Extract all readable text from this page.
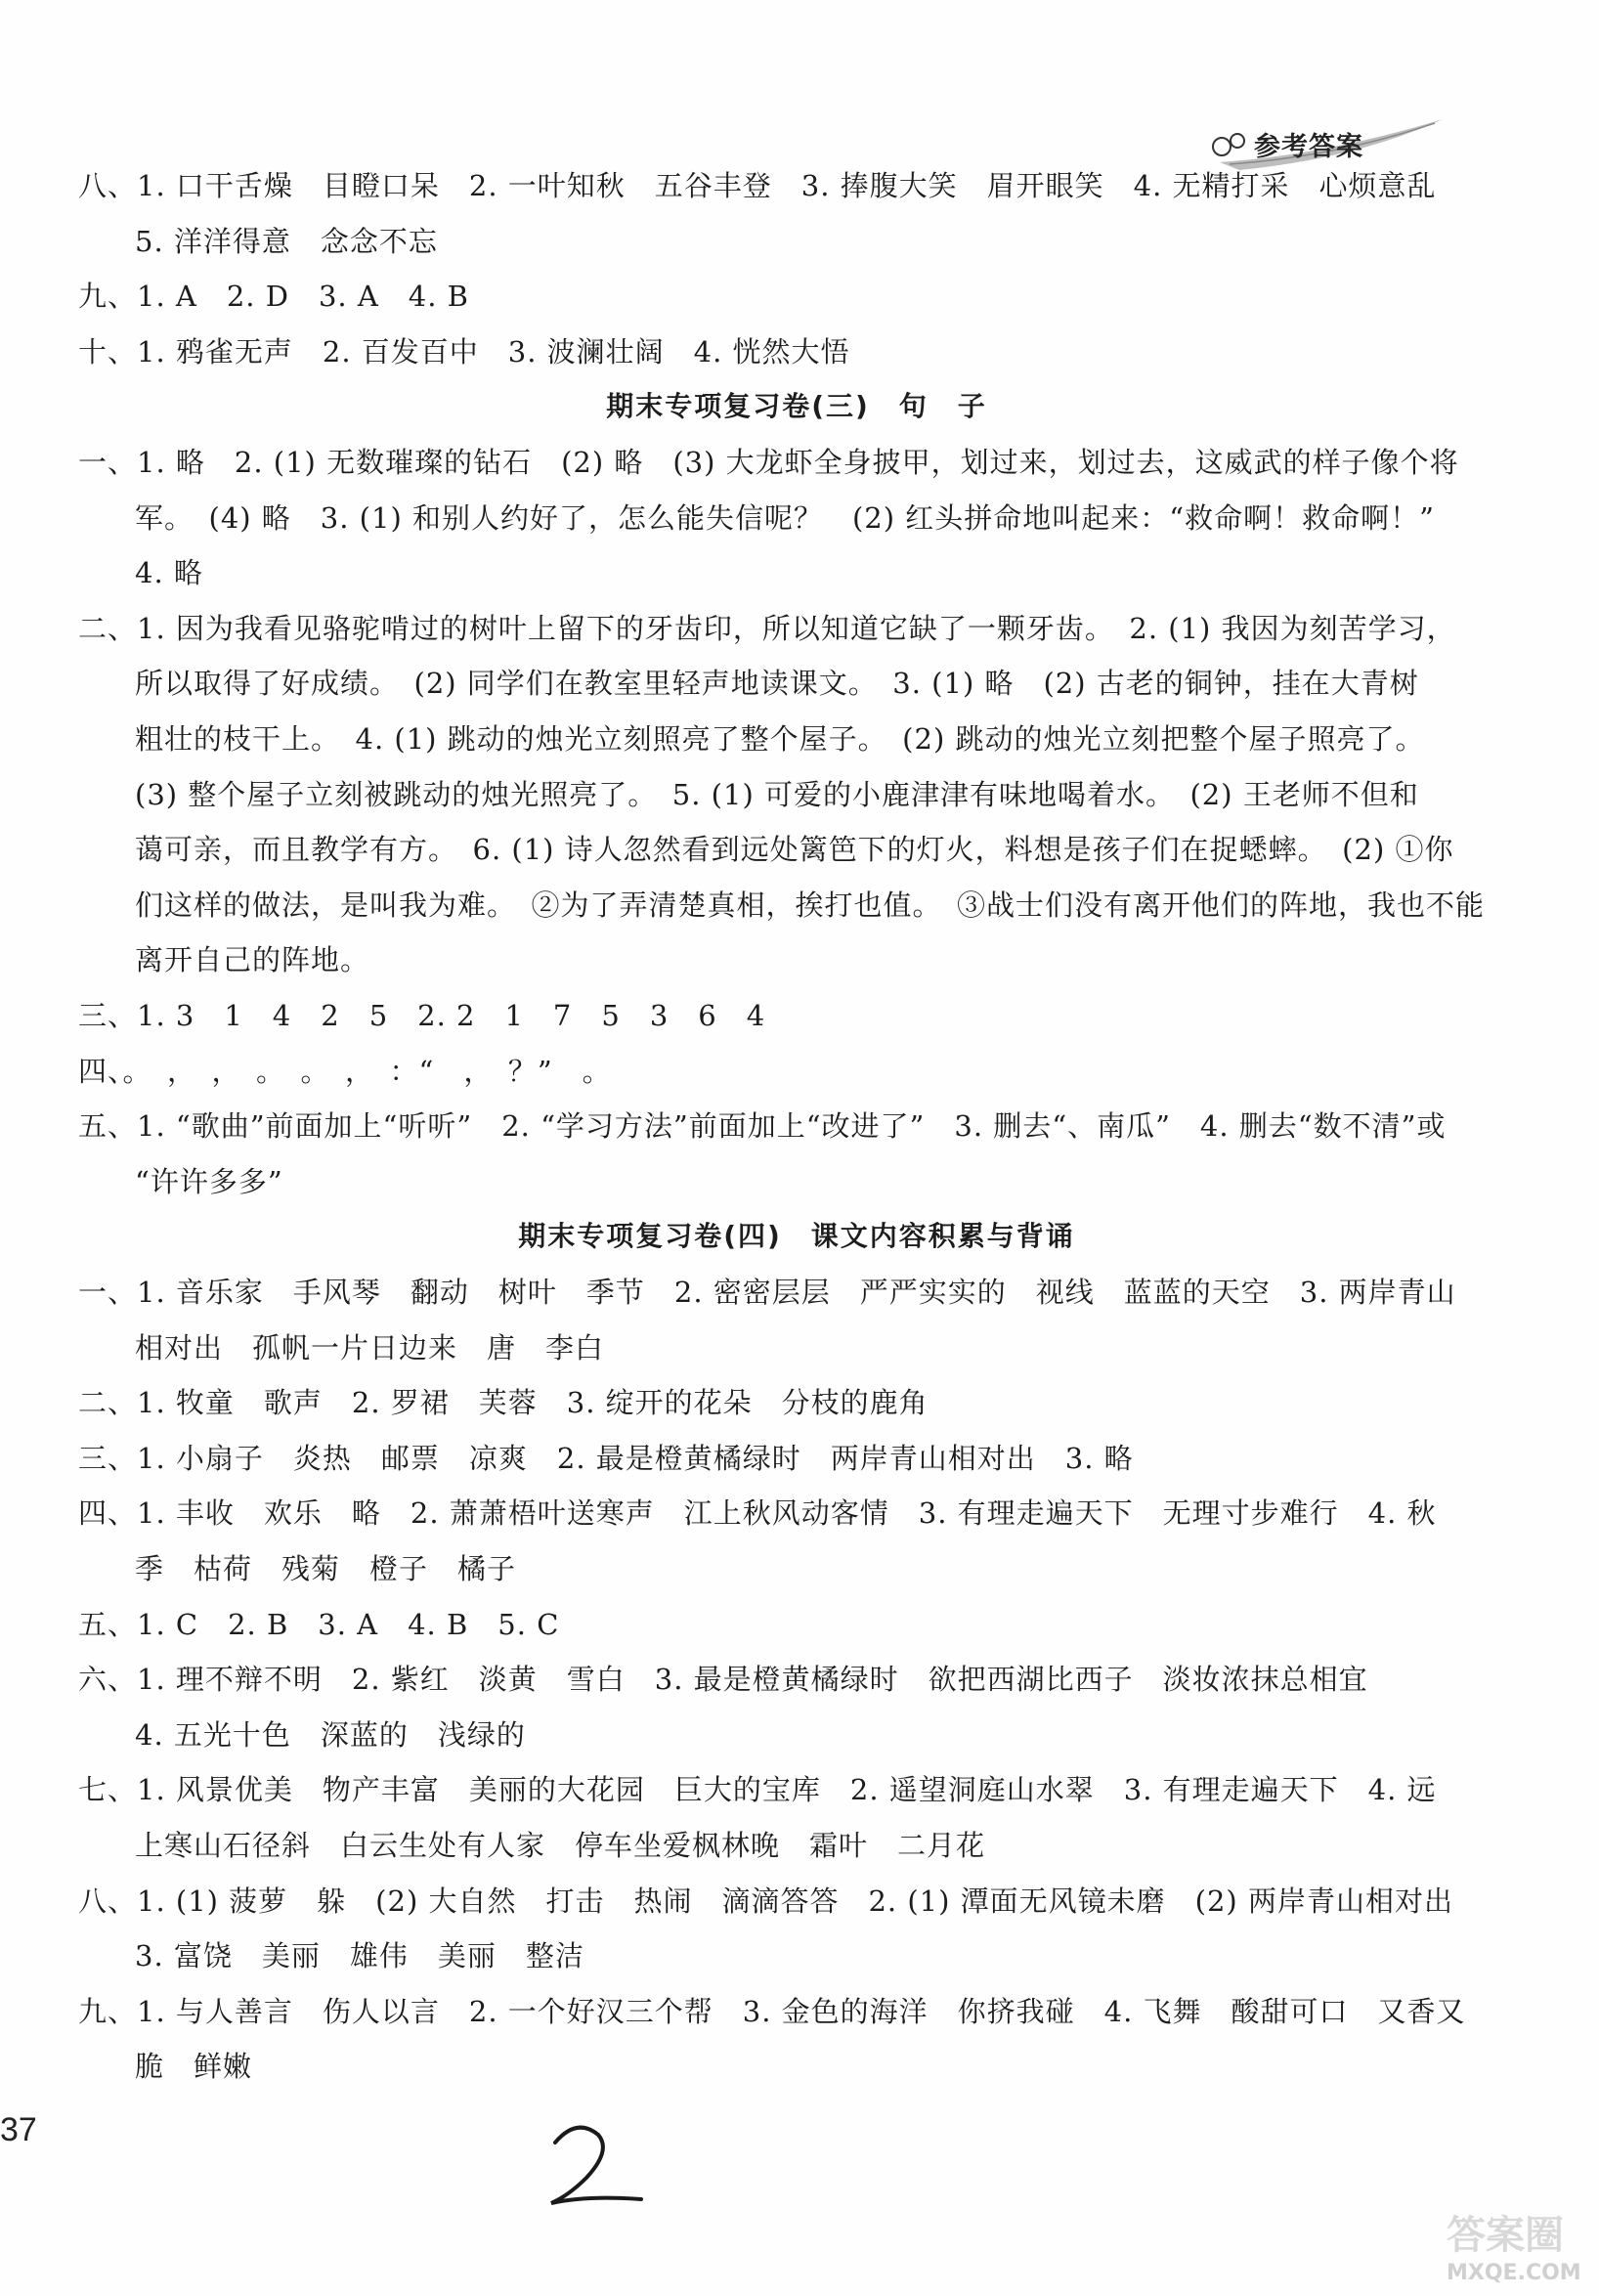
参考答案
八、1. 口干舌燥　目瞪口呆　2. 一叶知秋　五谷丰登　3. 捧腹大笑　眉开眼笑　4. 无精打采　心烦意乱
5. 洋洋得意　念念不忘
九、1. A　2. D　3. A　4. B
十、1. 鸦雀无声　2. 百发百中　3. 波澜壮阔　4. 恍然大悟
期末专项复习卷(三)　句　子
一、1. 略　2. (1) 无数璀璨的钻石　(2) 略　(3) 大龙虾全身披甲，划过来，划过去，这威武的样子像个将
军。　(4) 略　3. (1) 和别人约好了，怎么能失信呢？　(2) 红头拼命地叫起来：“救命啊！救命啊！”
4. 略
二、1. 因为我看见骆驼啃过的树叶上留下的牙齿印，所以知道它缺了一颗牙齿。　2. (1) 我因为刻苦学习，
所以取得了好成绩。　(2) 同学们在教室里轻声地读课文。　3. (1) 略　(2) 古老的铜钟，挂在大青树
粗壮的枝干上。　4. (1) 跳动的烛光立刻照亮了整个屋子。　(2) 跳动的烛光立刻把整个屋子照亮了。
(3) 整个屋子立刻被跳动的烛光照亮了。　5. (1) 可爱的小鹿津津有味地喝着水。　(2) 王老师不但和
蔼可亲，而且教学有方。　6. (1) 诗人忽然看到远处篱笆下的灯火，料想是孩子们在捉蟋蟀。　(2) ①你
们这样的做法，是叫我为难。　②为了弄清楚真相，挨打也值。　③战士们没有离开他们的阵地，我也不能
离开自己的阵地。
三、1. 3　1　4　2　5　2. 2　1　7　5　3　6　4
四、。　，　，　。　。　，　：“　，　？”　。
五、1. “歌曲”前面加上“听听”　2. “学习方法”前面加上“改进了”　3. 删去“、南瓜”　4. 删去“数不清”或
“许许多多”
期末专项复习卷(四)　课文内容积累与背诵
一、1. 音乐家　手风琴　翻动　树叶　季节　2. 密密层层　严严实实的　视线　蓝蓝的天空　3. 两岸青山
相对出　孤帆一片日边来　唐　李白
二、1. 牧童　歌声　2. 罗裙　芙蓉　3. 绽开的花朵　分枝的鹿角
三、1. 小扇子　炎热　邮票　凉爽　2. 最是橙黄橘绿时　两岸青山相对出　3. 略
四、1. 丰收　欢乐　略　2. 萧萧梧叶送寒声　江上秋风动客情　3. 有理走遍天下　无理寸步难行　4. 秋
季　枯荷　残菊　橙子　橘子
五、1. C　2. B　3. A　4. B　5. C
六、1. 理不辩不明　2. 紫红　淡黄　雪白　3. 最是橙黄橘绿时　欲把西湖比西子　淡妆浓抹总相宜
4. 五光十色　深蓝的　浅绿的
七、1. 风景优美　物产丰富　美丽的大花园　巨大的宝库　2. 遥望洞庭山水翠　3. 有理走遍天下　4. 远
上寒山石径斜　白云生处有人家　停车坐爱枫林晚　霜叶　二月花
八、1. (1) 菠萝　躲　(2) 大自然　打击　热闹　滴滴答答　2. (1) 潭面无风镜未磨　(2) 两岸青山相对出
3. 富饶　美丽　雄伟　美丽　整洁
九、1. 与人善言　伤人以言　2. 一个好汉三个帮　3. 金色的海洋　你挤我碰　4. 飞舞　酸甜可口　又香又
脆　鲜嫩
37
答案圈
MXQE.COM
